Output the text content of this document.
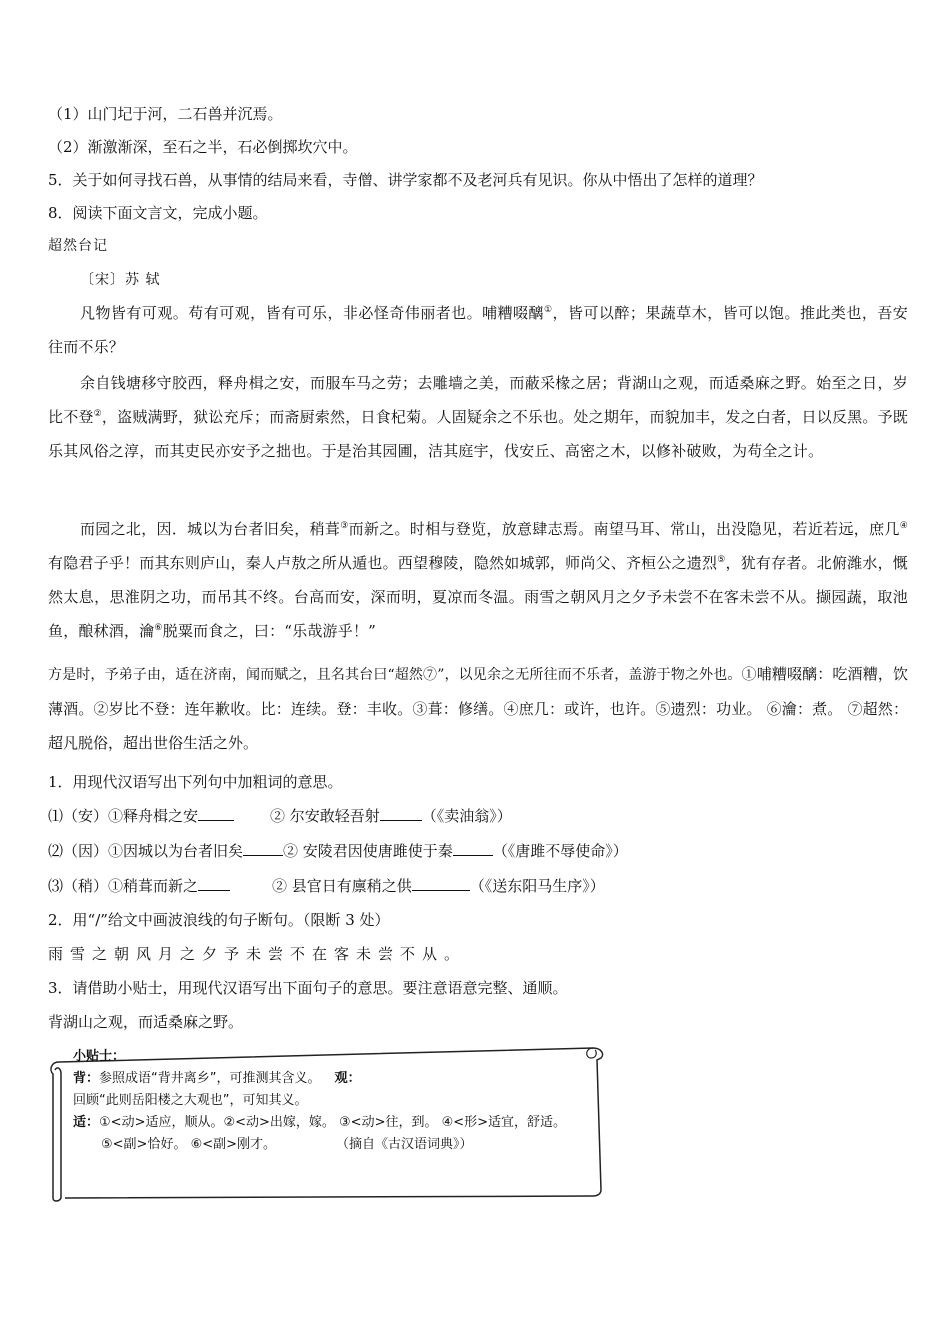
（1）山门圮于河，二石兽并沉焉。
（2）渐激渐深，至石之半，石必倒掷坎穴中。
5．关于如何寻找石兽，从事情的结局来看，寺僧、讲学家都不及老河兵有见识。你从中悟出了怎样的道理？
8．阅读下面文言文，完成小题。
超然台记
〔宋〕苏 轼
凡物皆有可观。苟有可观，皆有可乐，非必怪奇伟丽者也。哺糟啜醨①，皆可以醉；果蔬草木，皆可以饱。推此类也，吾安往而不乐？
余自钱塘移守胶西，释舟楫之安，而服车马之劳；去雕墙之美，而蔽采椽之居；背湖山之观，而适桑麻之野。始至之日，岁比不登②，盗贼满野，狱讼充斥；而斋厨索然，日食杞菊。人固疑余之不乐也。处之期年，而貌加丰，发之白者，日以反黑。予既乐其风俗之淳，而其吏民亦安予之拙也。于是治其园圃，洁其庭宇，伐安丘、高密之木，以修补破败，为苟全之计。
而园之北，因．城以为台者旧矣，稍葺③而新之。时相与登览，放意肆志焉。南望马耳、常山，出没隐见，若近若远，庶几④有隐君子乎！而其东则庐山，秦人卢敖之所从遁也。西望穆陵，隐然如城郭，师尚父、齐桓公之遗烈⑤，犹有存者。北俯潍水，慨然太息，思淮阴之功，而吊其不终。台高而安，深而明，夏凉而冬温。雨雪之朝风月之夕予未尝不在客未尝不从。撷园蔬，取池鱼，酿秫酒，瀹⑥脱粟而食之，曰：“乐哉游乎！”
方是时，予弟子由，适在济南，闻而赋之，且名其台曰“超然⑦”，以见余之无所往而不乐者，盖游于物之外也。①哺糟啜醨：吃酒糟，饮薄酒。②岁比不登：连年歉收。比：连续。登：丰收。③葺：修缮。④庶几：或许，也许。⑤遗烈：功业。 ⑥瀹：煮。 ⑦超然：超凡脱俗，超出世俗生活之外。
1．用现代汉语写出下列句中加粗词的意思。
⑴（安）①释舟楫之安	② 尔安敢轻吾射	（《卖油翁》）
⑵（因）①因城以为台者旧矣	② 安陵君因使唐雎使于秦	（《唐雎不辱使命》）
⑶（稍）①稍葺而新之	② 县官日有廪稍之供	（《送东阳马生序》）
2．用“/”给文中画波浪线的句子断句。（限断 3 处）
雨雪之朝风月之夕予未尝不在客未尝不从。
3．请借助小贴士，用现代汉语写出下面句子的意思。要注意语意完整、通顺。
背湖山之观，而适桑麻之野。
小贴士：
背：参照成语“背井离乡”，可推测其含义。 观：
回顾“此则岳阳楼之大观也”，可知其义。
适：①<动>适应，顺从。②<动>出嫁，嫁。 ③<动>往，到。 ④<形>适宜，舒适。
⑤<副>恰好。 ⑥<副>刚才。	（摘自《古汉语词典》）
